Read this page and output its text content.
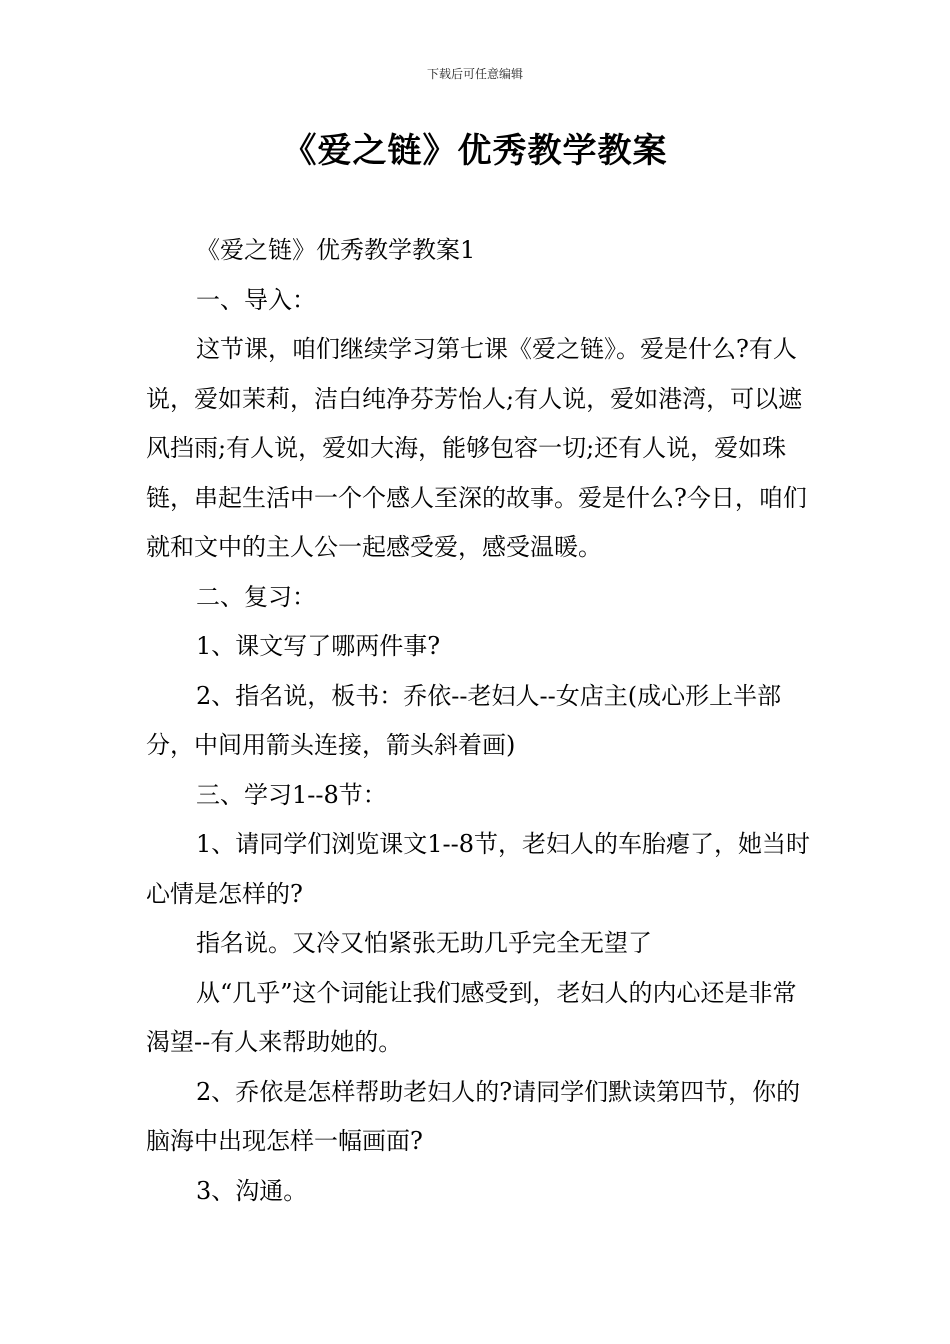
下载后可任意编辑
《爱之链》优秀教学教案

《爱之链》优秀教学教案1

一、导入：

这节课，咱们继续学习第七课《爱之链》。爱是什么?有人说，爱如茉莉，洁白纯净芬芳怡人;有人说，爱如港湾，可以遮风挡雨;有人说，爱如大海，能够包容一切;还有人说，爱如珠链，串起生活中一个个感人至深的故事。爱是什么?今日，咱们就和文中的主人公一起感受爱，感受温暖。

二、复习：

1、课文写了哪两件事?

2、指名说，板书：乔依--老妇人--女店主(成心形上半部分，中间用箭头连接，箭头斜着画)

三、学习1--8节：

1、请同学们浏览课文1--8节，老妇人的车胎瘪了，她当时心情是怎样的?

指名说。又冷又怕紧张无助几乎完全无望了

从“几乎”这个词能让我们感受到，老妇人的内心还是非常渴望--有人来帮助她的。

2、乔依是怎样帮助老妇人的?请同学们默读第四节，你的脑海中出现怎样一幅画面?

3、沟通。
